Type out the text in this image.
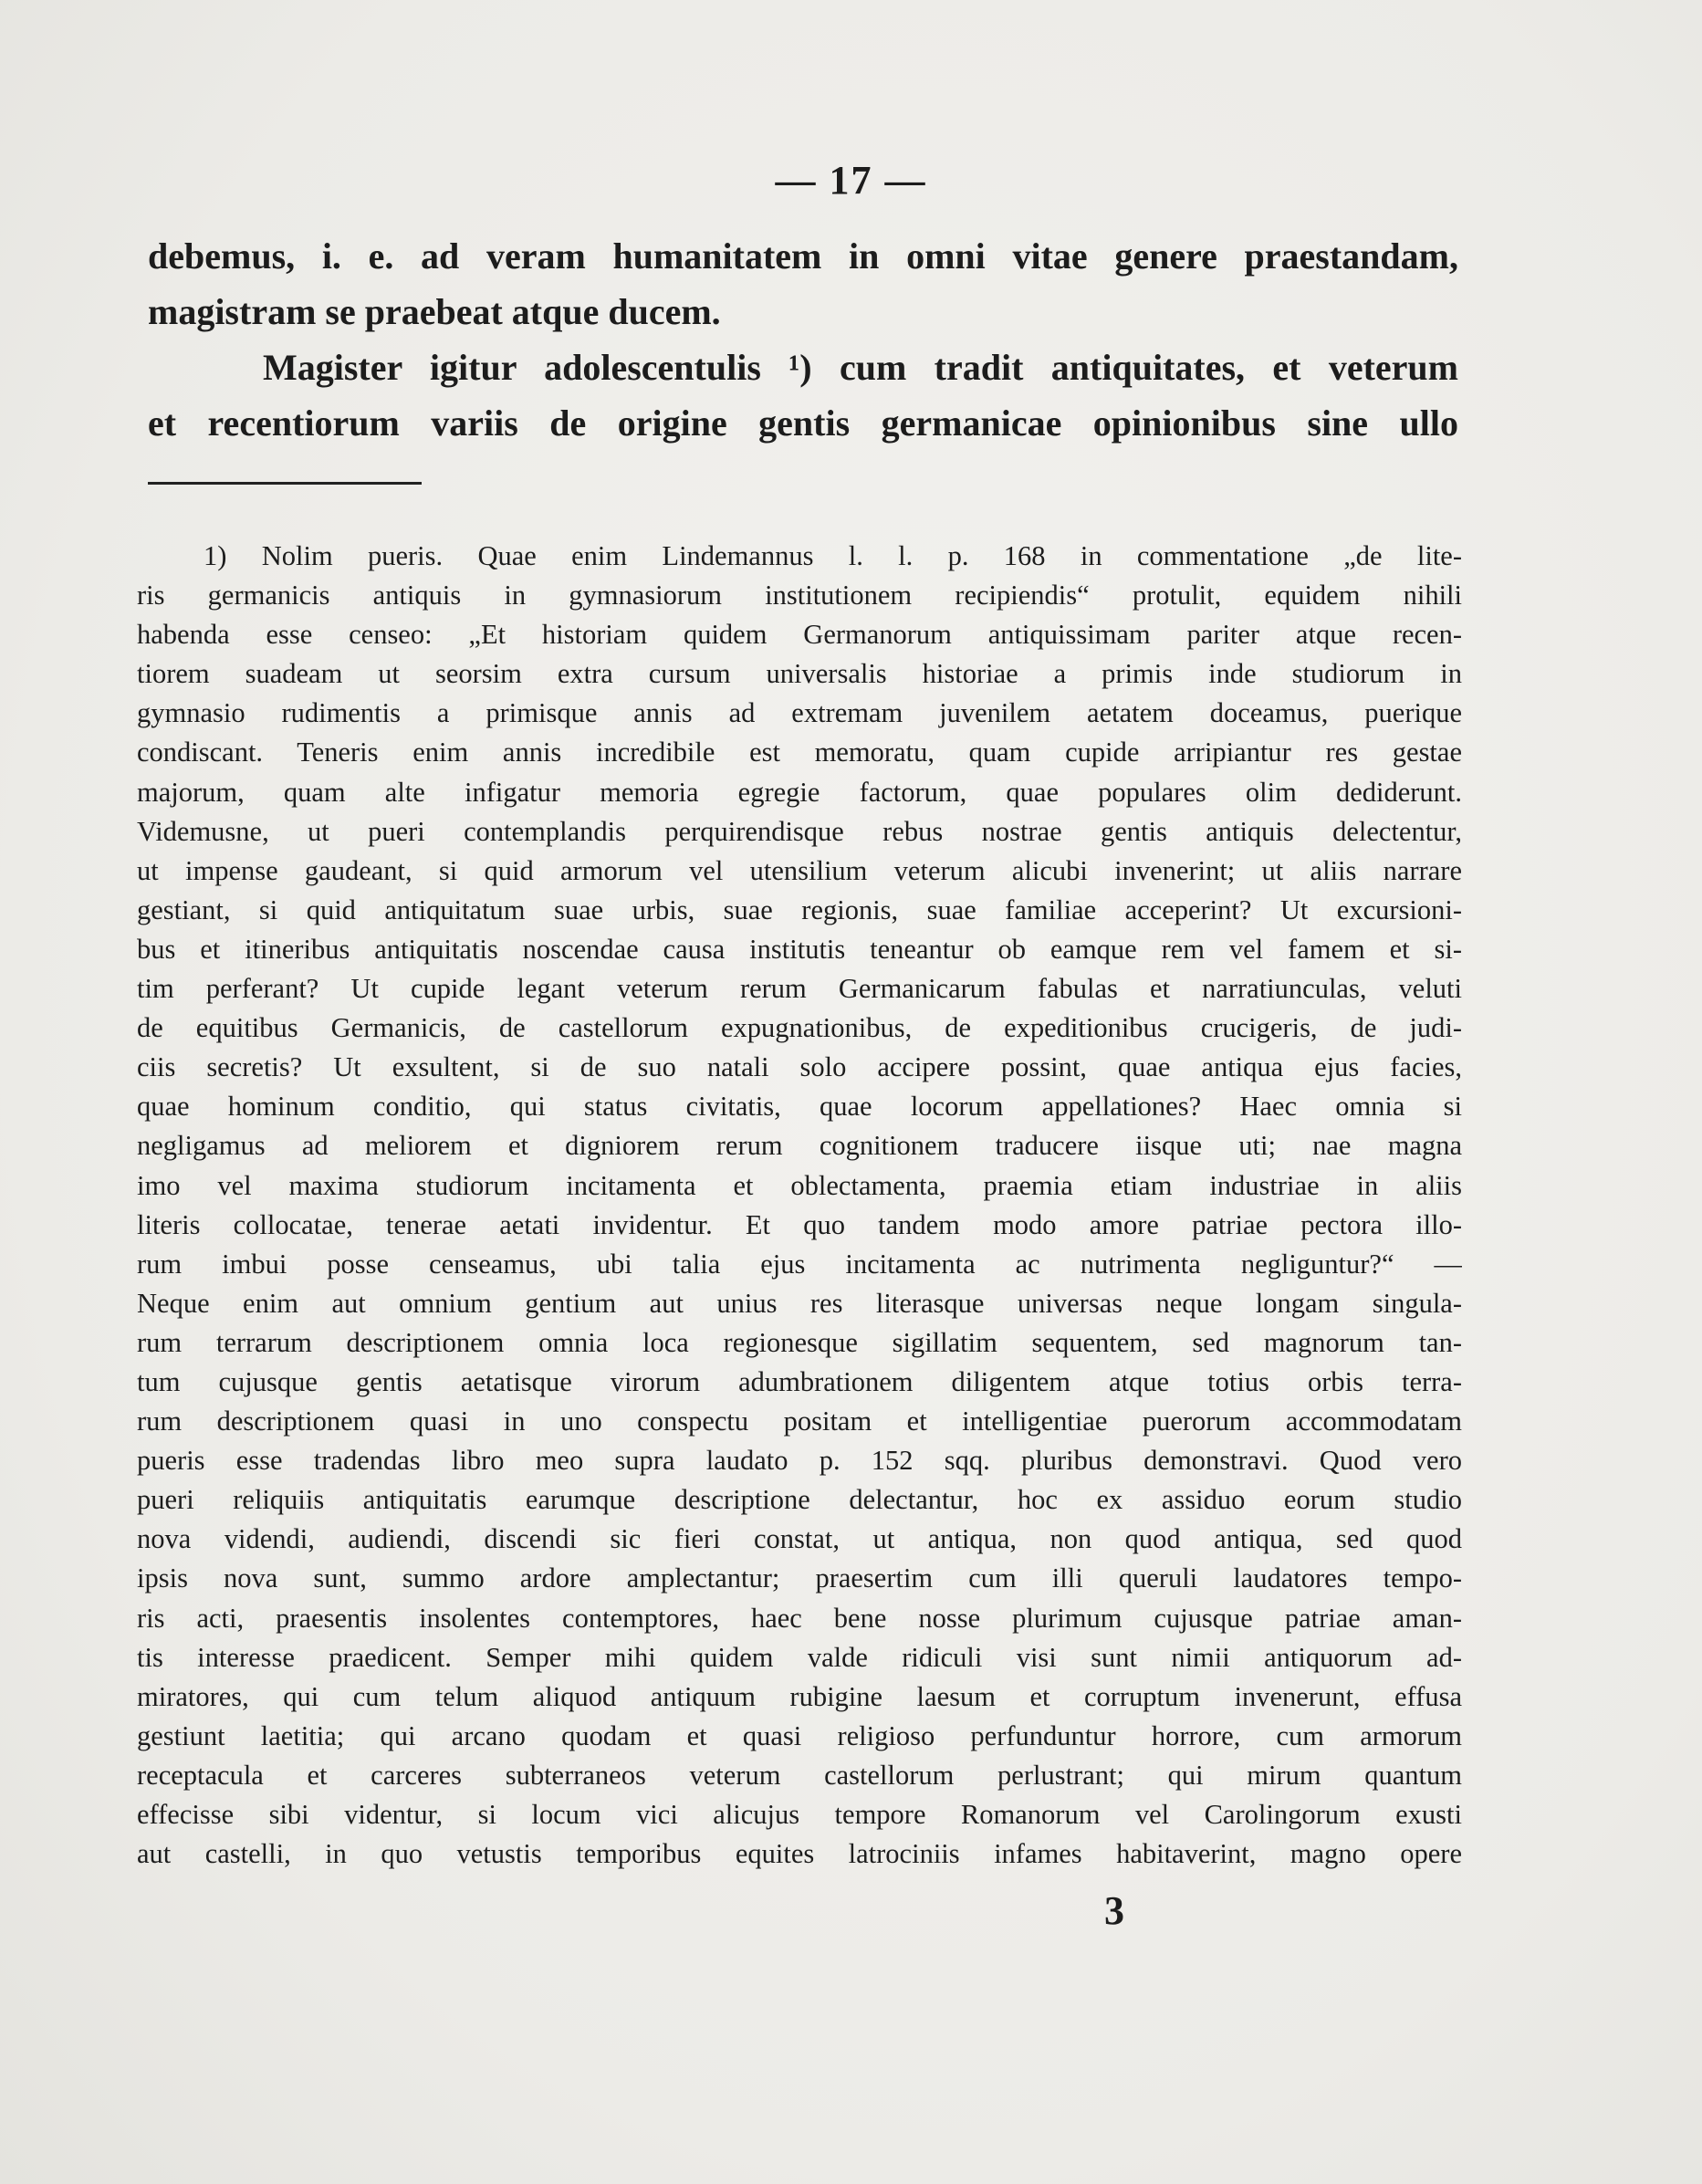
— 17 —
debemus, i. e. ad veram humanitatem in omni vitae genere praestandam,
magistram se praebeat atque ducem.
Magister igitur adolescentulis ¹) cum tradit antiquitates, et veterum
et recentiorum variis de origine gentis germanicae opinionibus sine ullo
1) Nolim pueris. Quae enim Lindemannus l. l. p. 168 in commentatione „de lite-
ris germanicis antiquis in gymnasiorum institutionem recipiendis“ protulit, equidem nihili
habenda esse censeo: „Et historiam quidem Germanorum antiquissimam pariter atque recen-
tiorem suadeam ut seorsim extra cursum universalis historiae a primis inde studiorum in
gymnasio rudimentis a primisque annis ad extremam juvenilem aetatem doceamus, puerique
condiscant. Teneris enim annis incredibile est memoratu, quam cupide arripiantur res gestae
majorum, quam alte infigatur memoria egregie factorum, quae populares olim dediderunt.
Videmusne, ut pueri contemplandis perquirendisque rebus nostrae gentis antiquis delectentur,
ut impense gaudeant, si quid armorum vel utensilium veterum alicubi invenerint; ut aliis narrare
gestiant, si quid antiquitatum suae urbis, suae regionis, suae familiae acceperint? Ut excursioni-
bus et itineribus antiquitatis noscendae causa institutis teneantur ob eamque rem vel famem et si-
tim perferant? Ut cupide legant veterum rerum Germanicarum fabulas et narratiunculas, veluti
de equitibus Germanicis, de castellorum expugnationibus, de expeditionibus crucigeris, de judi-
ciis secretis? Ut exsultent, si de suo natali solo accipere possint, quae antiqua ejus facies,
quae hominum conditio, qui status civitatis, quae locorum appellationes? Haec omnia si
negligamus ad meliorem et digniorem rerum cognitionem traducere iisque uti; nae magna
imo vel maxima studiorum incitamenta et oblectamenta, praemia etiam industriae in aliis
literis collocatae, tenerae aetati invidentur. Et quo tandem modo amore patriae pectora illo-
rum imbui posse censeamus, ubi talia ejus incitamenta ac nutrimenta negliguntur?“ —
Neque enim aut omnium gentium aut unius res literasque universas neque longam singula-
rum terrarum descriptionem omnia loca regionesque sigillatim sequentem, sed magnorum tan-
tum cujusque gentis aetatisque virorum adumbrationem diligentem atque totius orbis terra-
rum descriptionem quasi in uno conspectu positam et intelligentiae puerorum accommodatam
pueris esse tradendas libro meo supra laudato p. 152 sqq. pluribus demonstravi. Quod vero
pueri reliquiis antiquitatis earumque descriptione delectantur, hoc ex assiduo eorum studio
nova videndi, audiendi, discendi sic fieri constat, ut antiqua, non quod antiqua, sed quod
ipsis nova sunt, summo ardore amplectantur; praesertim cum illi queruli laudatores tempo-
ris acti, praesentis insolentes contemptores, haec bene nosse plurimum cujusque patriae aman-
tis interesse praedicent. Semper mihi quidem valde ridiculi visi sunt nimii antiquorum ad-
miratores, qui cum telum aliquod antiquum rubigine laesum et corruptum invenerunt, effusa
gestiunt laetitia; qui arcano quodam et quasi religioso perfunduntur horrore, cum armorum
receptacula et carceres subterraneos veterum castellorum perlustrant; qui mirum quantum
effecisse sibi videntur, si locum vici alicujus tempore Romanorum vel Carolingorum exusti
aut castelli, in quo vetustis temporibus equites latrociniis infames habitaverint, magno opere
3
